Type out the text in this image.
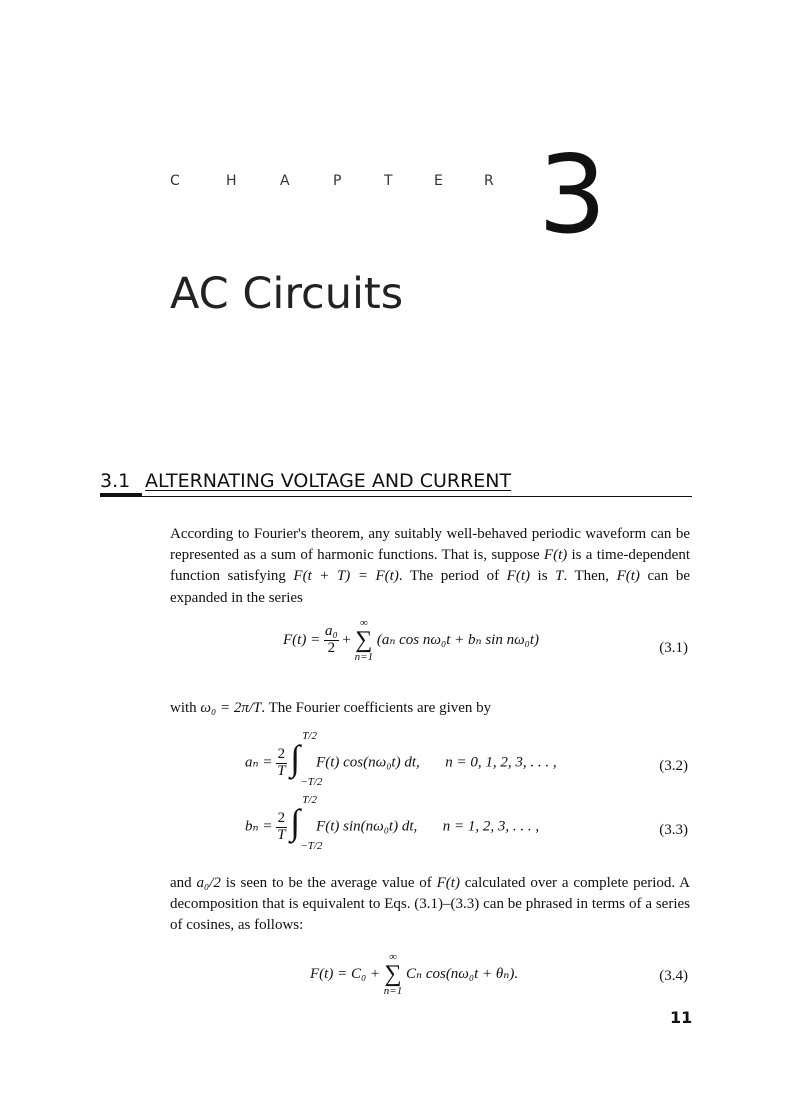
C	H	A	P	T	E	R 3
AC Circuits
3.1 ALTERNATING VOLTAGE AND CURRENT

According to Fourier's theorem, any suitably well-behaved periodic waveform can be represented as a sum of harmonic functions. That is, suppose F(t) is a time-dependent function satisfying F(t + T) = F(t). The period of F(t) is T. Then, F(t) can be expanded in the series

$F(t) = \frac{\text{a₀}}{2}$ +
∞
∑
n=1
(aₙ cos nω₀t + bₙ sin nω₀t)
(3.1)

with ω₀ = 2π/T. The Fourier coefficients are given by

$a_n = \frac{2}{T}$
∫
T/2
−T/2
F(t) cos(nω₀t) dt, n = 0, 1, 2, 3, . . . ,	(3.2)
$b_n = \frac{2}{T}$
∫
T/2
−T/2
F(t) sin(nω₀t) dt, n = 1, 2, 3, . . . ,	(3.3)

and a₀/2 is seen to be the average value of F(t) calculated over a complete period. A decomposition that is equivalent to Eqs. (3.1)–(3.3) can be phrased in terms of a series of cosines, as follows:

F(t) = C₀ +
∞
∑
n=1
Cₙ cos(nω₀t + θₙ).	(3.4)
11
